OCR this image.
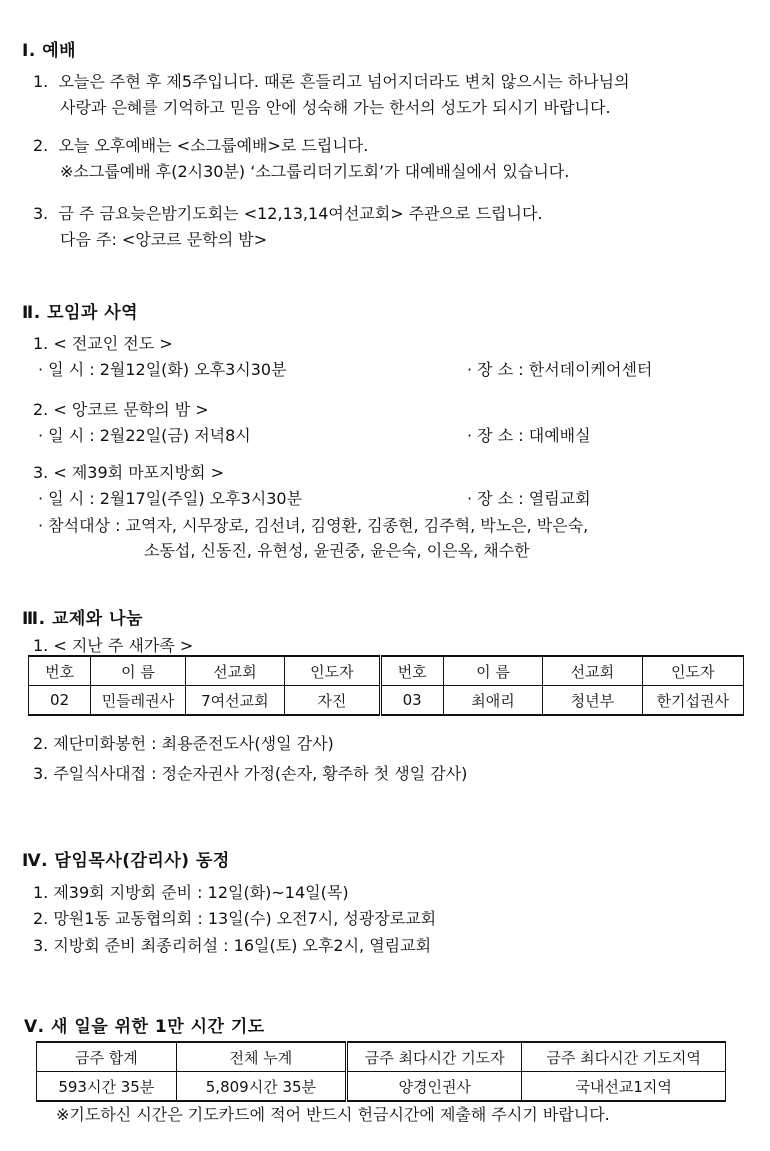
Ⅰ. 예배
1. 오늘은 주현 후 제5주입니다. 때론 흔들리고 넘어지더라도 변치 않으시는 하나님의
사랑과 은혜를 기억하고 믿음 안에 성숙해 가는 한서의 성도가 되시기 바랍니다.
2. 오늘 오후예배는 <소그룹예배>로 드립니다.
※소그룹예배 후(2시30분) ‘소그룹리더기도회’가 대예배실에서 있습니다.
3. 금 주 금요늦은밤기도회는 <12,13,14여선교회> 주관으로 드립니다.
다음 주: <앙코르 문학의 밤>
Ⅱ. 모임과 사역
1. < 전교인 전도 >
· 일 시 : 2월12일(화) 오후3시30분	· 장 소 : 한서데이케어센터
2. < 앙코르 문학의 밤 >
· 일 시 : 2월22일(금) 저녁8시	· 장 소 : 대예배실
3. < 제39회 마포지방회 >
· 일 시 : 2월17일(주일) 오후3시30분	· 장 소 : 열림교회
· 참석대상 : 교역자, 시무장로, 김선녀, 김영환, 김종현, 김주혁, 박노은, 박은숙,
소동섭, 신동진, 유현성, 윤권중, 윤은숙, 이은옥, 채수한
Ⅲ. 교제와 나눔
1. < 지난 주 새가족 >
번호	이 름	선교회	인도자	번호	이 름	선교회	인도자
02	민들레권사	7여선교회	자진	03	최애리	청년부	한기섭권사
2. 제단미화봉헌 : 최용준전도사(생일 감사)
3. 주일식사대접 : 정순자권사 가정(손자, 황주하 첫 생일 감사)
Ⅳ. 담임목사(감리사) 동정
1. 제39회 지방회 준비 : 12일(화)~14일(목)
2. 망원1동 교동협의회 : 13일(수) 오전7시, 성광장로교회
3. 지방회 준비 최종리허설 : 16일(토) 오후2시, 열림교회
Ⅴ. 새 일을 위한 1만 시간 기도
금주 합계	전체 누계	금주 최다시간 기도자	금주 최다시간 기도지역
593시간 35분	5,809시간 35분	양경인권사	국내선교1지역
※기도하신 시간은 기도카드에 적어 반드시 헌금시간에 제출해 주시기 바랍니다.
